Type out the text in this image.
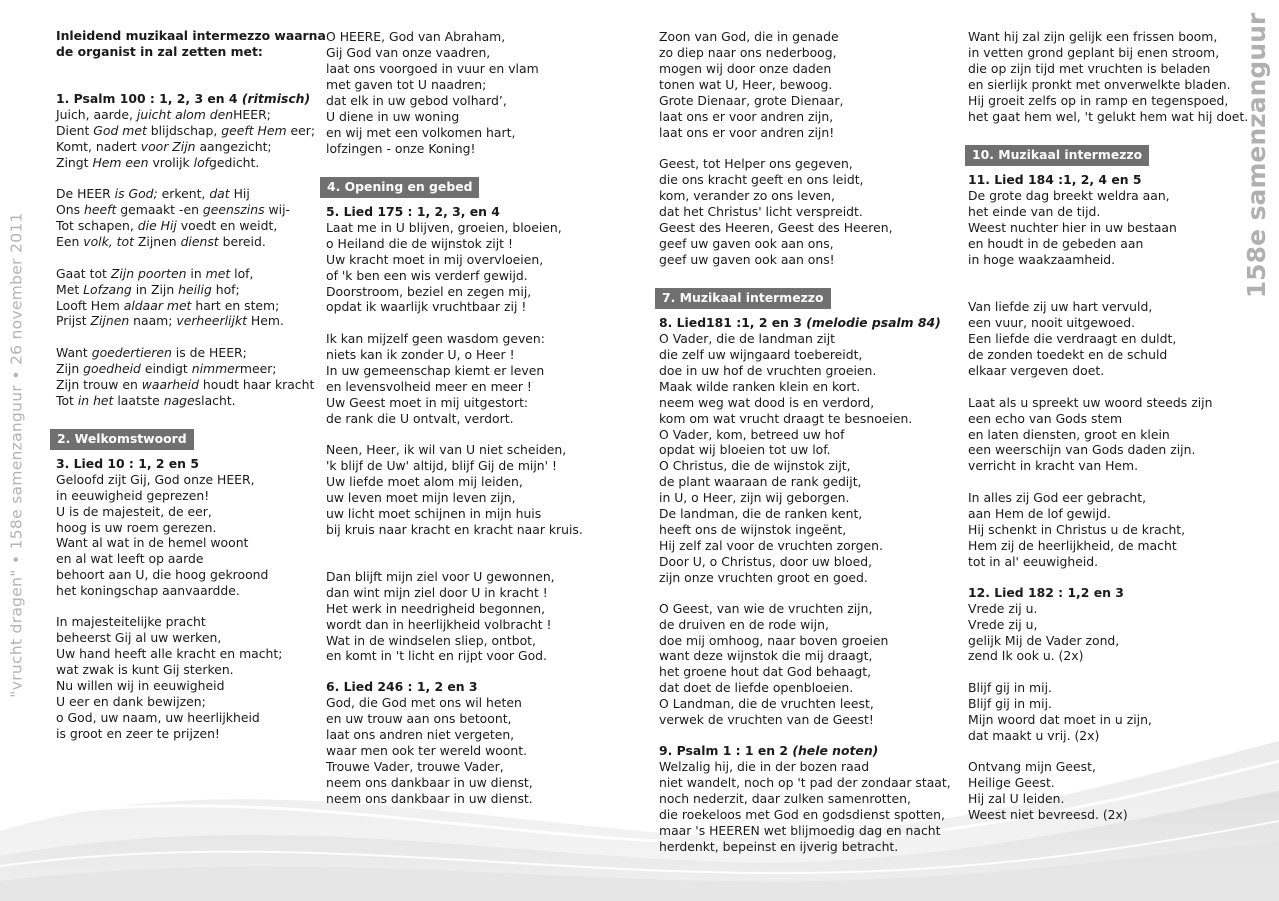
"vrucht dragen" • 158e samenzanguur • 26 november 2011
158e samenzanguur
Inleidend muzikaal intermezzo waarna
de organist in zal zetten met:
1. Psalm 100 : 1, 2, 3 en 4 (ritmisch)
Juich, aarde, juicht alom denHEER;
Dient God met blijdschap, geeft Hem eer;
Komt, nadert voor Zijn aangezicht;
Zingt Hem een vrolijk lofgedicht.
De HEER is God; erkent, dat Hij
Ons heeft gemaakt -en geenszins wij-
Tot schapen, die Hij voedt en weidt,
Een volk, tot Zijnen dienst bereid.
Gaat tot Zijn poorten in met lof,
Met Lofzang in Zijn heilig hof;
Looft Hem aldaar met hart en stem;
Prijst Zijnen naam; verheerlijkt Hem.
Want goedertieren is de HEER;
Zijn goedheid eindigt nimmermeer;
Zijn trouw en waarheid houdt haar kracht
Tot in het laatste nageslacht.
2. Welkomstwoord
3. Lied 10 : 1, 2 en 5
Geloofd zijt Gij, God onze HEER,
in eeuwigheid geprezen!
U is de majesteit, de eer,
hoog is uw roem gerezen.
Want al wat in de hemel woont
en al wat leeft op aarde
behoort aan U, die hoog gekroond
het koningschap aanvaardde.
In majesteitelijke pracht
beheerst Gij al uw werken,
Uw hand heeft alle kracht en macht;
wat zwak is kunt Gij sterken.
Nu willen wij in eeuwigheid
U eer en dank bewijzen;
o God, uw naam, uw heerlijkheid
is groot en zeer te prijzen!
O HEERE, God van Abraham,
Gij God van onze vaadren,
laat ons voorgoed in vuur en vlam
met gaven tot U naadren;
dat elk in uw gebod volhard’,
U diene in uw woning
en wij met een volkomen hart,
lofzingen - onze Koning!
4. Opening en gebed
5. Lied 175 : 1, 2, 3, en 4
Laat me in U blijven, groeien, bloeien,
o Heiland die de wijnstok zijt !
Uw kracht moet in mij overvloeien,
of 'k ben een wis verderf gewijd.
Doorstroom, beziel en zegen mij,
opdat ik waarlijk vruchtbaar zij !
Ik kan mijzelf geen wasdom geven:
niets kan ik zonder U, o Heer !
In uw gemeenschap kiemt er leven
en levensvolheid meer en meer !
Uw Geest moet in mij uitgestort:
de rank die U ontvalt, verdort.
Neen, Heer, ik wil van U niet scheiden,
'k blijf de Uw' altijd, blijf Gij de mijn' !
Uw liefde moet alom mij leiden,
uw leven moet mijn leven zijn,
uw licht moet schijnen in mijn huis
bij kruis naar kracht en kracht naar kruis.
Dan blijft mijn ziel voor U gewonnen,
dan wint mijn ziel door U in kracht !
Het werk in needrigheid begonnen,
wordt dan in heerlijkheid volbracht !
Wat in de windselen sliep, ontbot,
en komt in 't licht en rijpt voor God.
6. Lied 246 : 1, 2 en 3
God, die God met ons wil heten
en uw trouw aan ons betoont,
laat ons andren niet vergeten,
waar men ook ter wereld woont.
Trouwe Vader, trouwe Vader,
neem ons dankbaar in uw dienst,
neem ons dankbaar in uw dienst.
Zoon van God, die in genade
zo diep naar ons nederboog,
mogen wij door onze daden
tonen wat U, Heer, bewoog.
Grote Dienaar, grote Dienaar,
laat ons er voor andren zijn,
laat ons er voor andren zijn!
Geest, tot Helper ons gegeven,
die ons kracht geeft en ons leidt,
kom, verander zo ons leven,
dat het Christus' licht verspreidt.
Geest des Heeren, Geest des Heeren,
geef uw gaven ook aan ons,
geef uw gaven ook aan ons!
7. Muzikaal intermezzo
8. Lied181 :1, 2 en 3 (melodie psalm 84)
O Vader, die de landman zijt
die zelf uw wijngaard toebereidt,
doe in uw hof de vruchten groeien.
Maak wilde ranken klein en kort.
neem weg wat dood is en verdord,
kom om wat vrucht draagt te besnoeien.
O Vader, kom, betreed uw hof
opdat wij bloeien tot uw lof.
O Christus, die de wijnstok zijt,
de plant waaraan de rank gedijt,
in U, o Heer, zijn wij geborgen.
De landman, die de ranken kent,
heeft ons de wijnstok ingeënt,
Hij zelf zal voor de vruchten zorgen.
Door U, o Christus, door uw bloed,
zijn onze vruchten groot en goed.
O Geest, van wie de vruchten zijn,
de druiven en de rode wijn,
doe mij omhoog, naar boven groeien
want deze wijnstok die mij draagt,
het groene hout dat God behaagt,
dat doet de liefde openbloeien.
O Landman, die de vruchten leest,
verwek de vruchten van de Geest!
9. Psalm 1 : 1 en 2 (hele noten)
Welzalig hij, die in der bozen raad
niet wandelt, noch op 't pad der zondaar staat,
noch nederzit, daar zulken samenrotten,
die roekeloos met God en godsdienst spotten,
maar 's HEEREN wet blijmoedig dag en nacht
herdenkt, bepeinst en ijverig betracht.
Want hij zal zijn gelijk een frissen boom,
in vetten grond geplant bij enen stroom,
die op zijn tijd met vruchten is beladen
en sierlijk pronkt met onverwelkte bladen.
Hij groeit zelfs op in ramp en tegenspoed,
het gaat hem wel, 't gelukt hem wat hij doet.
10. Muzikaal intermezzo
11. Lied 184 :1, 2, 4 en 5
De grote dag breekt weldra aan,
het einde van de tijd.
Weest nuchter hier in uw bestaan
en houdt in de gebeden aan
in hoge waakzaamheid.
Van liefde zij uw hart vervuld,
een vuur, nooit uitgewoed.
Een liefde die verdraagt en duldt,
de zonden toedekt en de schuld
elkaar vergeven doet.
Laat als u spreekt uw woord steeds zijn
een echo van Gods stem
en laten diensten, groot en klein
een weerschijn van Gods daden zijn.
verricht in kracht van Hem.
In alles zij God eer gebracht,
aan Hem de lof gewijd.
Hij schenkt in Christus u de kracht,
Hem zij de heerlijkheid, de macht
tot in al' eeuwigheid.
12. Lied 182 : 1,2 en 3
Vrede zij u.
Vrede zij u,
gelijk Mij de Vader zond,
zend Ik ook u. (2x)
Blijf gij in mij.
Blijf gij in mij.
Mijn woord dat moet in u zijn,
dat maakt u vrij. (2x)
Ontvang mijn Geest,
Heilige Geest.
Hij zal U leiden.
Weest niet bevreesd. (2x)
